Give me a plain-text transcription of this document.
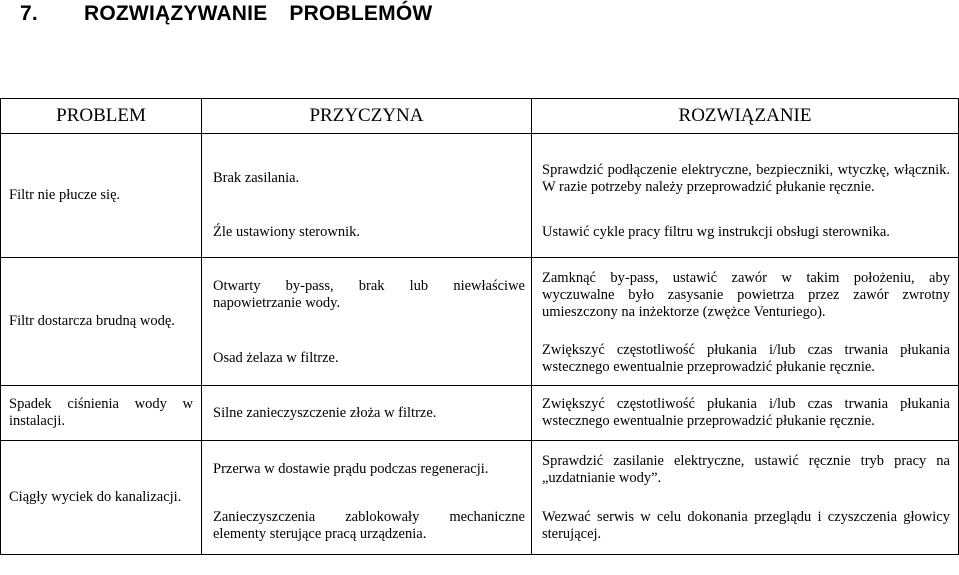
7. ROZWIĄZYWANIE PROBLEMÓW
PROBLEM	PRZYCZYNA	ROZWIĄZANIE
Filtr nie płucze się.	Brak zasilania.	Sprawdzić podłączenie elektryczne, bezpieczniki, wtyczkę, włącznik. W razie potrzeby należy przeprowadzić płukanie ręcznie.
	Źle ustawiony sterownik.	Ustawić cykle pracy filtru wg instrukcji obsługi sterownika.
Filtr dostarcza brudną wodę.	Otwarty by-pass, brak lub niewłaściwe napowietrzanie wody.	Zamknąć by-pass, ustawić zawór w takim położeniu, aby wyczuwalne było zasysanie powietrza przez zawór zwrotny umieszczony na inżektorze (zwężce Venturiego).
	Osad żelaza w filtrze.	Zwiększyć częstotliwość płukania i/lub czas trwania płukania wstecznego ewentualnie przeprowadzić płukanie ręcznie.
Spadek ciśnienia wody w instalacji.	Silne zanieczyszczenie złoża w filtrze.	Zwiększyć częstotliwość płukania i/lub czas trwania płukania wstecznego ewentualnie przeprowadzić płukanie ręcznie.
Ciągły wyciek do kanalizacji.	Przerwa w dostawie prądu podczas regeneracji.	Sprawdzić zasilanie elektryczne, ustawić ręcznie tryb pracy na „uzdatnianie wody”.
	Zanieczyszczenia zablokowały mechaniczne elementy sterujące pracą urządzenia.	Wezwać serwis w celu dokonania przeglądu i czyszczenia głowicy sterującej.
